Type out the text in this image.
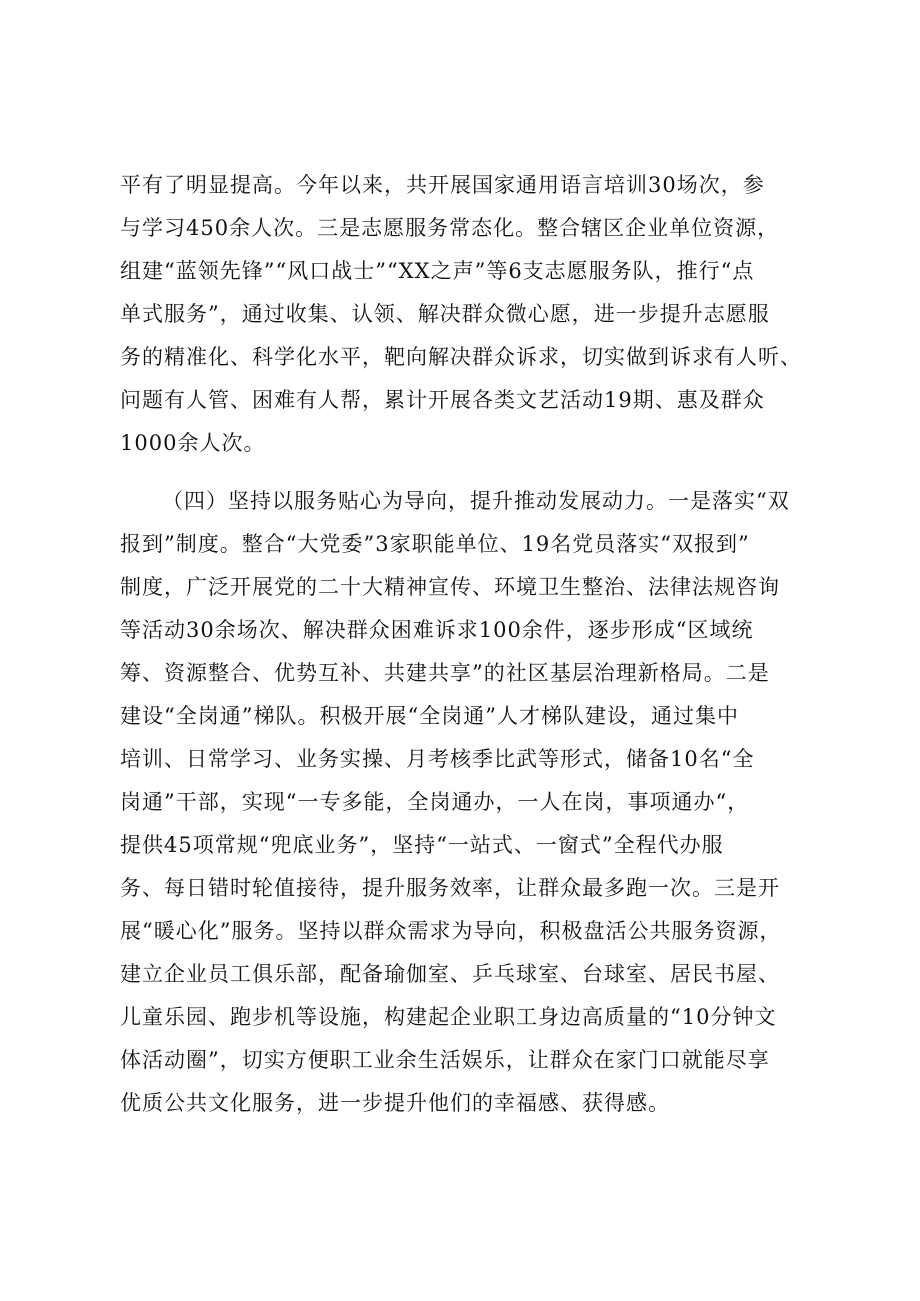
平有了明显提高。今年以来，共开展国家通用语言培训30场次，参
与学习450余人次。三是志愿服务常态化。整合辖区企业单位资源，
组建“蓝领先锋”“风口战士”“XX之声”等6支志愿服务队，推行“点
单式服务”，通过收集、认领、解决群众微心愿，进一步提升志愿服
务的精准化、科学化水平，靶向解决群众诉求，切实做到诉求有人听、
问题有人管、困难有人帮，累计开展各类文艺活动19期、惠及群众
1000余人次。
（四）坚持以服务贴心为导向，提升推动发展动力。一是落实“双
报到”制度。整合“大党委”3家职能单位、19名党员落实“双报到”
制度，广泛开展党的二十大精神宣传、环境卫生整治、法律法规咨询
等活动30余场次、解决群众困难诉求100余件，逐步形成“区域统
筹、资源整合、优势互补、共建共享”的社区基层治理新格局。二是
建设“全岗通”梯队。积极开展“全岗通”人才梯队建设，通过集中
培训、日常学习、业务实操、月考核季比武等形式，储备10名“全
岗通”干部，实现“一专多能，全岗通办，一人在岗，事项通办“，
提供45项常规“兜底业务”，坚持“一站式、一窗式”全程代办服
务、每日错时轮值接待，提升服务效率，让群众最多跑一次。三是开
展“暖心化”服务。坚持以群众需求为导向，积极盘活公共服务资源，
建立企业员工俱乐部，配备瑜伽室、乒乓球室、台球室、居民书屋、
儿童乐园、跑步机等设施，构建起企业职工身边高质量的“10分钟文
体活动圈”，切实方便职工业余生活娱乐，让群众在家门口就能尽享
优质公共文化服务，进一步提升他们的幸福感、获得感。
